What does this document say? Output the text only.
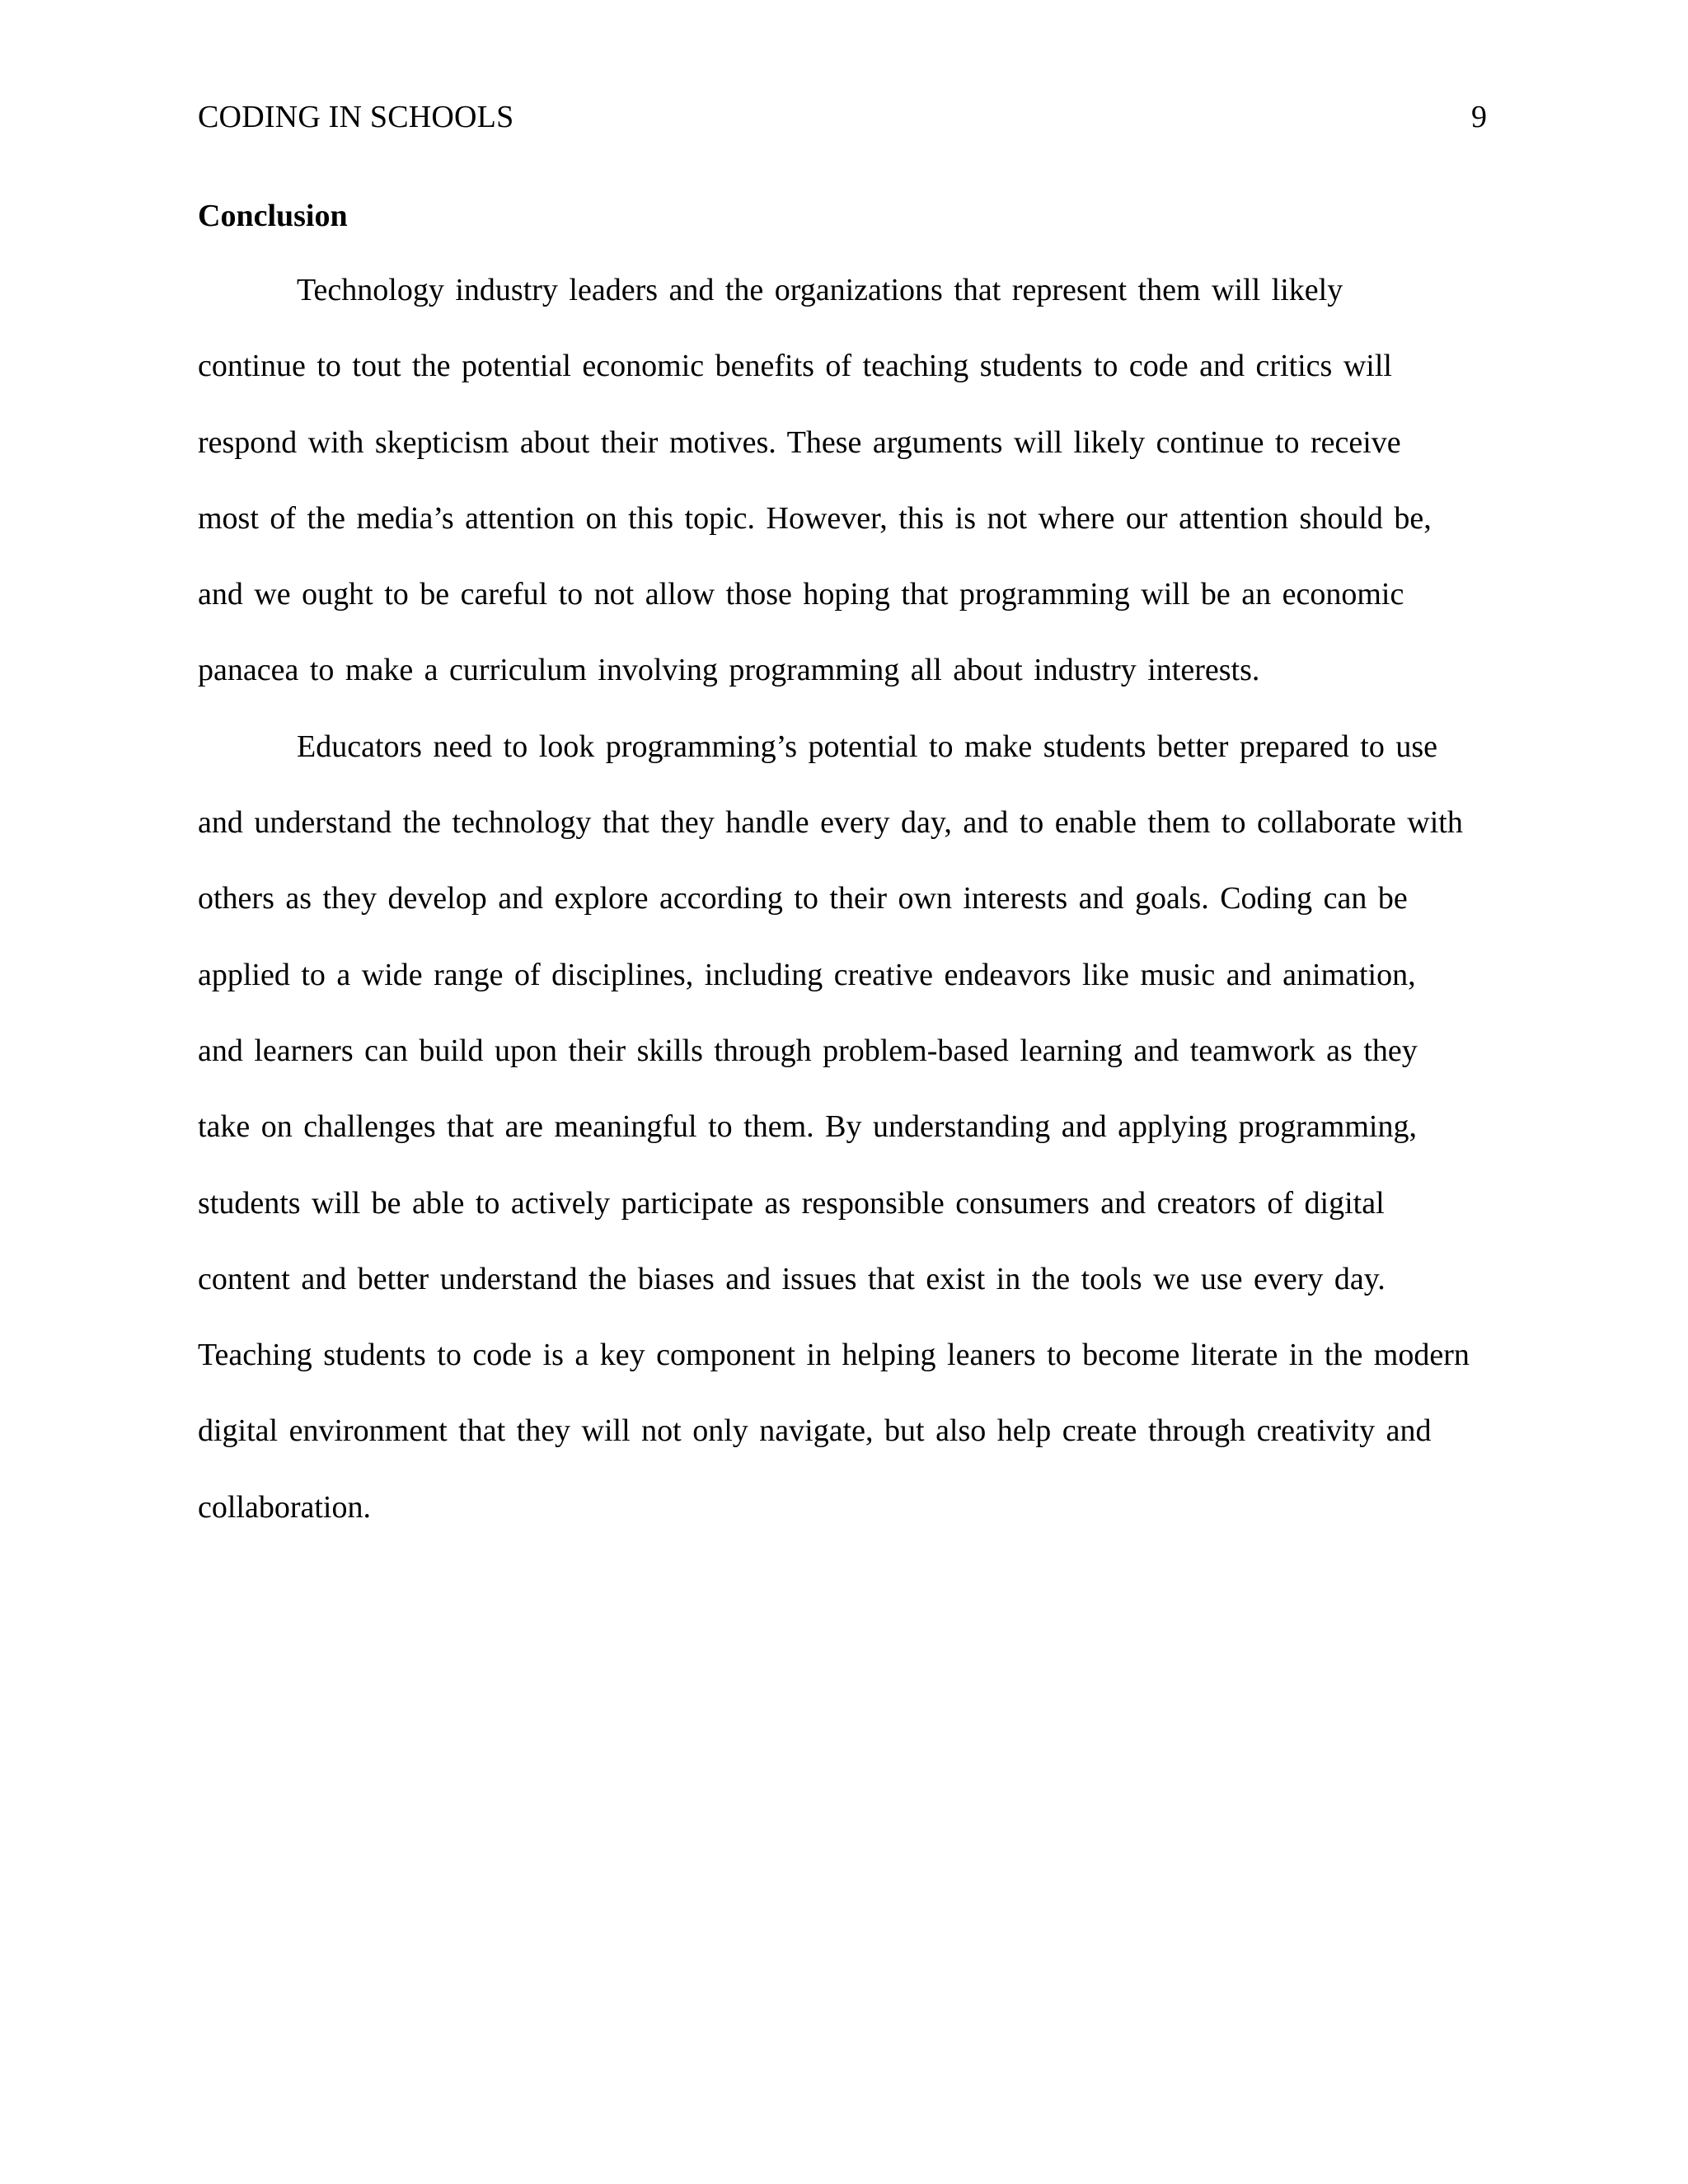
CODING IN SCHOOLS	9
Conclusion
Technology industry leaders and the organizations that represent them will likely
continue to tout the potential economic benefits of teaching students to code and critics will
respond with skepticism about their motives. These arguments will likely continue to receive
most of the media’s attention on this topic. However, this is not where our attention should be,
and we ought to be careful to not allow those hoping that programming will be an economic
panacea to make a curriculum involving programming all about industry interests.
Educators need to look programming’s potential to make students better prepared to use
and understand the technology that they handle every day, and to enable them to collaborate with
others as they develop and explore according to their own interests and goals. Coding can be
applied to a wide range of disciplines, including creative endeavors like music and animation,
and learners can build upon their skills through problem-based learning and teamwork as they
take on challenges that are meaningful to them. By understanding and applying programming,
students will be able to actively participate as responsible consumers and creators of digital
content and better understand the biases and issues that exist in the tools we use every day.
Teaching students to code is a key component in helping leaners to become literate in the modern
digital environment that they will not only navigate, but also help create through creativity and
collaboration.
